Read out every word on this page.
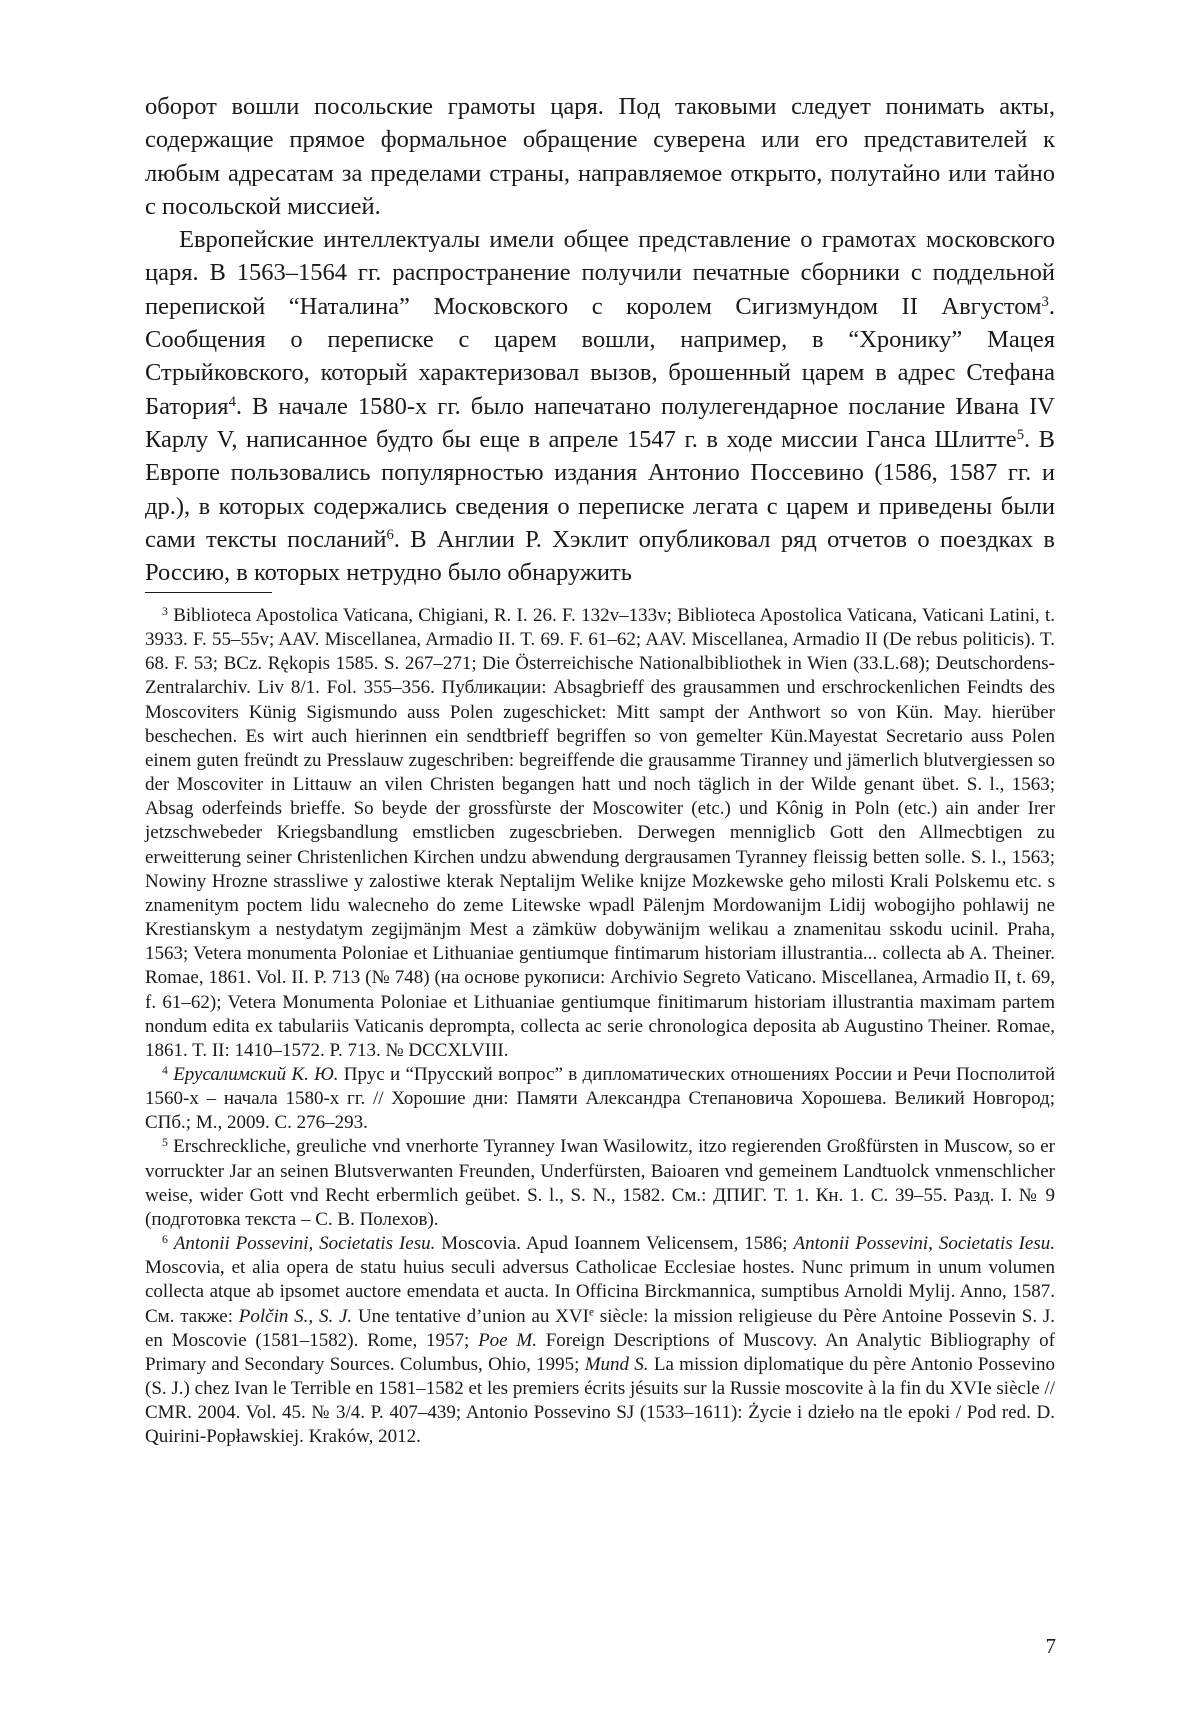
оборот вошли посольские грамоты царя. Под таковыми следует понимать акты, содержащие прямое формальное обращение суверена или его представителей к любым адресатам за пределами страны, направляемое открыто, полутайно или тайно с посольской миссией.

Европейские интеллектуалы имели общее представление о грамотах московского царя. В 1563–1564 гг. распространение получили печатные сборники с поддельной перепиской “Наталина” Московского с королем Сигизмундом II Августом3. Сообщения о переписке с царем вошли, например, в “Хронику” Мацея Стрыйковского, который характеризовал вызов, брошенный царем в адрес Стефана Батория4. В начале 1580-х гг. было напечатано полулегендарное послание Ивана IV Карлу V, написанное будто бы еще в апреле 1547 г. в ходе миссии Ганса Шлитте5. В Европе пользовались популярностью издания Антонио Поссевино (1586, 1587 гг. и др.), в которых содержались сведения о переписке легата с царем и приведены были сами тексты посланий6. В Англии Р. Хэклит опубликовал ряд отчетов о поездках в Россию, в которых нетрудно было обнаружить

3 Biblioteca Apostolica Vaticana, Chigiani, R. I. 26. F. 132v–133v; Biblioteca Apostolica Vaticana, Vaticani Latini, t. 3933. F. 55–55v; AAV. Miscellanea, Armadio II. T. 69. F. 61–62; AAV. Miscellanea, Armadio II (De rebus politicis). T. 68. F. 53; BCz. Rękopis 1585. S. 267–271; Die Österreichische Nationalbibliothek in Wien (33.L.68); Deutschordens-Zentralarchiv. Liv 8/1. Fol. 355–356. Публикации: Absagbrieff des grausammen und erschrockenlichen Feindts des Moscoviters Künig Sigismundo auss Polen zugeschicket: Mitt sampt der Anthwort so von Kün. May. hierüber beschechen. Es wirt auch hierinnen ein sendtbrieff begriffen so von gemelter Kün.Mayestat Secretario auss Polen einem guten freündt zu Presslauw zugeschriben: begreiffende die grausamme Tiranney und jämerlich blutvergiessen so der Moscoviter in Littauw an vilen Christen begangen hatt und noch täglich in der Wilde genant übet. S. l., 1563; Absag oderfeinds brieffe. So beyde der grossfùrste der Moscowiter (etc.) und Kônig in Poln (etc.) ain ander Irer jetzschwebeder Kriegsbandlung emstlicben zugescbrieben. Derwegen menniglicb Gott den Allmecbtigen zu erweitterung seiner Christenlichen Kirchen undzu abwendung dergrausamen Tyranney fleissig betten solle. S. l., 1563; Nowiny Hrozne strassliwe y zalostiwe kterak Neptalijm Welike knijze Mozkewske geho milosti Krali Polskemu etc. s znamenitym poctem lidu walecneho do zeme Litewske wpadl Pälenjm Mordowanijm Lidij wobogijho pohlawij ne Krestianskym a nestydatym zegijmänjm Mest a zämküw dobywänijm welikau a znamenitau sskodu ucinil. Praha, 1563; Vetera monumenta Poloniae et Lithuaniae gentiumque fintimarum historiam illustrantia... collecta ab A. Theiner. Romae, 1861. Vol. II. P. 713 (№ 748) (на основе рукописи: Archivio Segreto Vaticano. Miscellanea, Armadio II, t. 69, f. 61–62); Vetera Monumenta Poloniae et Lithuaniae gentiumque finitimarum historiam illustrantia maximam partem nondum edita ex tabulariis Vaticanis deprompta, collecta ac serie chronologica deposita ab Augustino Theiner. Romae, 1861. T. II: 1410–1572. P. 713. № DCCXLVIII.

4 Ерусалимский К. Ю. Прус и “Прусский вопрос” в дипломатических отношениях России и Речи Посполитой 1560-х – начала 1580-х гг. // Хорошие дни: Памяти Александра Степановича Хорошева. Великий Новгород; СПб.; М., 2009. С. 276–293.

5 Erschreckliche, greuliche vnd vnerhorte Tyranney Iwan Wasilowitz, itzo regierenden Großfürsten in Muscow, so er vorruckter Jar an seinen Blutsverwanten Freunden, Underfürsten, Baioaren vnd gemeinem Landtuolck vnmenschlicher weise, wider Gott vnd Recht erbermlich geübet. S. l., S. N., 1582. См.: ДПИГ. Т. 1. Кн. 1. С. 39–55. Разд. I. № 9 (подготовка текста – С. В. Полехов).

6 Antonii Possevini, Societatis Iesu. Moscovia. Apud Ioannem Velicensem, 1586; Antonii Possevini, Societatis Iesu. Moscovia, et alia opera de statu huius seculi adversus Catholicae Ecclesiae hostes. Nunc primum in unum volumen collecta atque ab ipsomet auctore emendata et aucta. In Officina Birckmannica, sumptibus Arnoldi Mylij. Anno, 1587. См. также: Polčin S., S. J. Une tentative d’union au XVIe siècle: la mission religieuse du Père Antoine Possevin S. J. en Moscovie (1581–1582). Rome, 1957; Poe M. Foreign Descriptions of Muscovy. An Analytic Bibliography of Primary and Secondary Sources. Columbus, Ohio, 1995; Mund S. La mission diplomatique du père Antonio Possevino (S. J.) chez Ivan le Terrible en 1581–1582 et les premiers écrits jésuits sur la Russie moscovite à la fin du XVIe siècle // CMR. 2004. Vol. 45. № 3/4. P. 407–439; Antonio Possevino SJ (1533–1611): Życie i dzieło na tle epoki / Pod red. D. Quirini-Popławskiej. Kraków, 2012.

7
